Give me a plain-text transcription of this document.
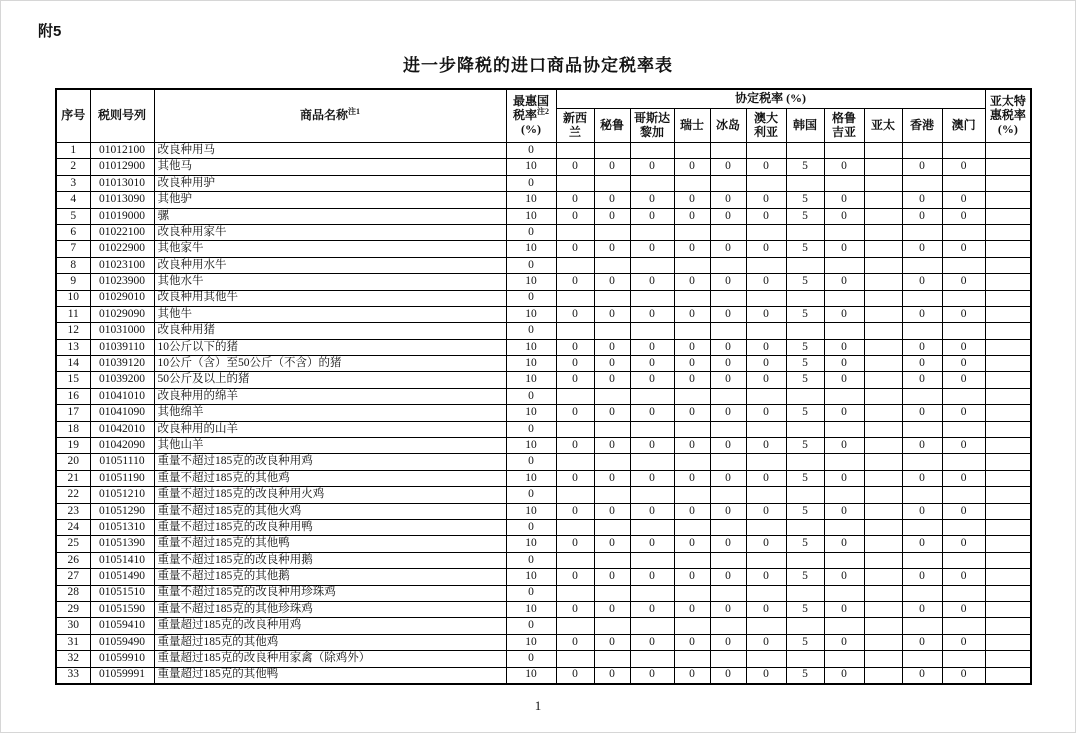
附5
进一步降税的进口商品协定税率表
序号	税则号列	商品名称$^{注1}$	最惠国税率$^{注2}$(%)	协定税率 (%)											亚太特惠税率(%)
				新西兰	秘鲁	哥斯达黎加	瑞士	冰岛	澳大利亚	韩国	格鲁吉亚	亚太	香港	澳门	
1	01012100	改良种用马	0												
2	01012900	其他马	10	0	0	0	0	0	0	5	0		0	0	
3	01013010	改良种用驴	0												
4	01013090	其他驴	10	0	0	0	0	0	0	5	0		0	0	
5	01019000	骡	10	0	0	0	0	0	0	5	0		0	0	
6	01022100	改良种用家牛	0												
7	01022900	其他家牛	10	0	0	0	0	0	0	5	0		0	0	
8	01023100	改良种用水牛	0												
9	01023900	其他水牛	10	0	0	0	0	0	0	5	0		0	0	
10	01029010	改良种用其他牛	0												
11	01029090	其他牛	10	0	0	0	0	0	0	5	0		0	0	
12	01031000	改良种用猪	0												
13	01039110	10公斤以下的猪	10	0	0	0	0	0	0	5	0		0	0	
14	01039120	10公斤（含）至50公斤（不含）的猪	10	0	0	0	0	0	0	5	0		0	0	
15	01039200	50公斤及以上的猪	10	0	0	0	0	0	0	5	0		0	0	
16	01041010	改良种用的绵羊	0												
17	01041090	其他绵羊	10	0	0	0	0	0	0	5	0		0	0	
18	01042010	改良种用的山羊	0												
19	01042090	其他山羊	10	0	0	0	0	0	0	5	0		0	0	
20	01051110	重量不超过185克的改良种用鸡	0												
21	01051190	重量不超过185克的其他鸡	10	0	0	0	0	0	0	5	0		0	0	
22	01051210	重量不超过185克的改良种用火鸡	0												
23	01051290	重量不超过185克的其他火鸡	10	0	0	0	0	0	0	5	0		0	0	
24	01051310	重量不超过185克的改良种用鸭	0												
25	01051390	重量不超过185克的其他鸭	10	0	0	0	0	0	0	5	0		0	0	
26	01051410	重量不超过185克的改良种用鹅	0												
27	01051490	重量不超过185克的其他鹅	10	0	0	0	0	0	0	5	0		0	0	
28	01051510	重量不超过185克的改良种用珍珠鸡	0												
29	01051590	重量不超过185克的其他珍珠鸡	10	0	0	0	0	0	0	5	0		0	0	
30	01059410	重量超过185克的改良种用鸡	0												
31	01059490	重量超过185克的其他鸡	10	0	0	0	0	0	0	5	0		0	0	
32	01059910	重量超过185克的改良种用家禽（除鸡外）	0												
33	01059991	重量超过185克的其他鸭	10	0	0	0	0	0	0	5	0		0	0	
1
